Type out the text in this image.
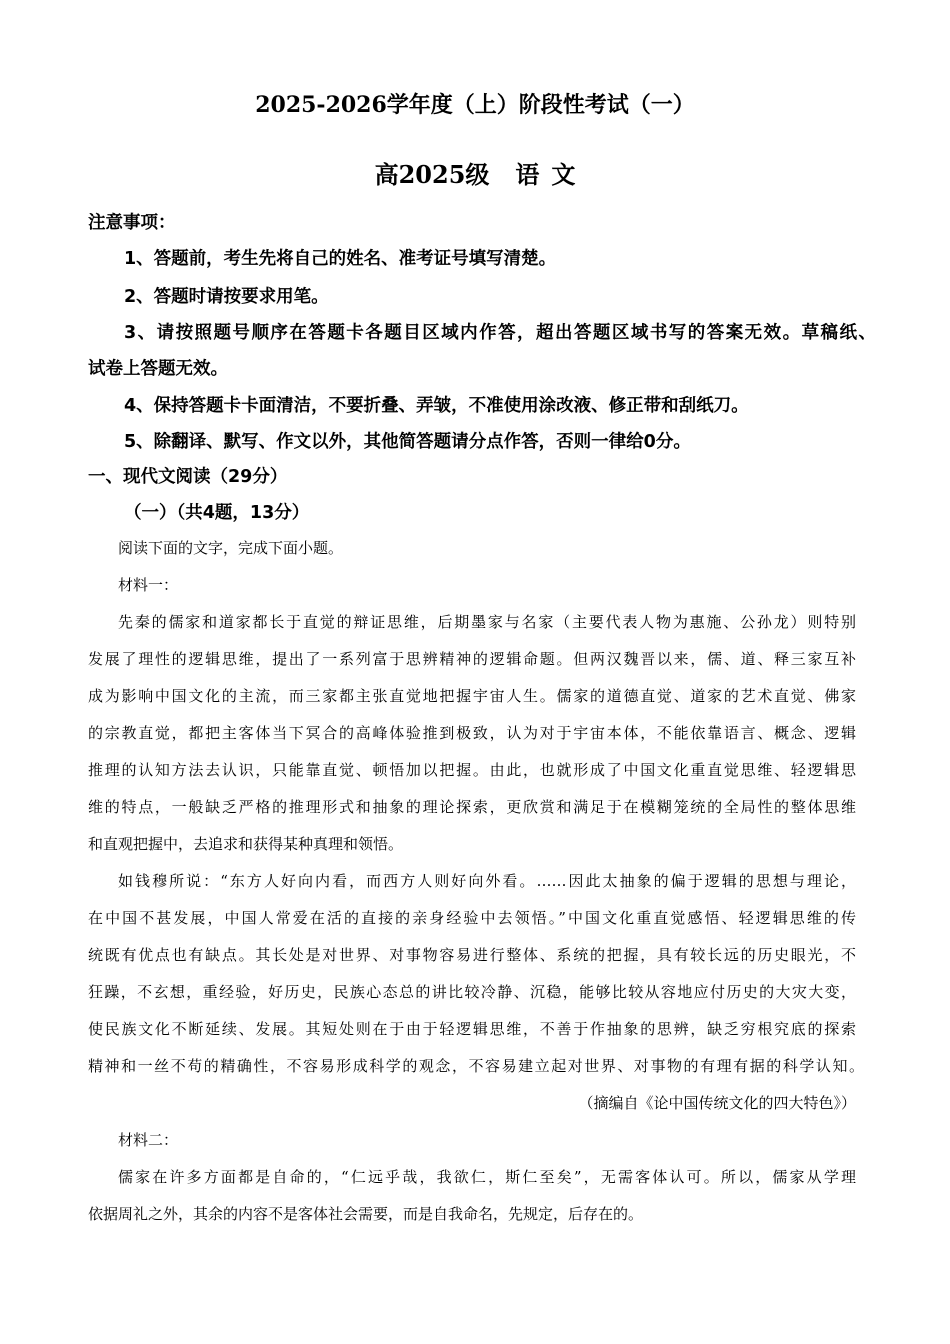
2025-2026学年度（上）阶段性考试（一）
高2025级 语 文

注意事项：

1、答题前，考生先将自己的姓名、准考证号填写清楚。

2、答题时请按要求用笔。

3、请按照题号顺序在答题卡各题目区域内作答，超出答题区域书写的答案无效。草稿纸、

试卷上答题无效。

4、保持答题卡卡面清洁，不要折叠、弄皱，不准使用涂改液、修正带和刮纸刀。

5、除翻译、默写、作文以外，其他简答题请分点作答，否则一律给0分。

一、现代文阅读（29分）

（一）（共4题，13分）

阅读下面的文字，完成下面小题。

材料一：

先秦的儒家和道家都长于直觉的辩证思维，后期墨家与名家（主要代表人物为惠施、公孙龙）则特别

发展了理性的逻辑思维，提出了一系列富于思辨精神的逻辑命题。但两汉魏晋以来，儒、道、释三家互补

成为影响中国文化的主流，而三家都主张直觉地把握宇宙人生。儒家的道德直觉、道家的艺术直觉、佛家

的宗教直觉，都把主客体当下冥合的高峰体验推到极致，认为对于宇宙本体，不能依靠语言、概念、逻辑

推理的认知方法去认识，只能靠直觉、顿悟加以把握。由此，也就形成了中国文化重直觉思维、轻逻辑思

维的特点，一般缺乏严格的推理形式和抽象的理论探索，更欣赏和满足于在模糊笼统的全局性的整体思维

和直观把握中，去追求和获得某种真理和领悟。

如钱穆所说：“东方人好向内看，而西方人则好向外看。……因此太抽象的偏于逻辑的思想与理论，

在中国不甚发展，中国人常爱在活的直接的亲身经验中去领悟。”中国文化重直觉感悟、轻逻辑思维的传

统既有优点也有缺点。其长处是对世界、对事物容易进行整体、系统的把握，具有较长远的历史眼光，不

狂躁，不玄想，重经验，好历史，民族心态总的讲比较冷静、沉稳，能够比较从容地应付历史的大灾大变，

使民族文化不断延续、发展。其短处则在于由于轻逻辑思维，不善于作抽象的思辨，缺乏穷根究底的探索

精神和一丝不苟的精确性，不容易形成科学的观念，不容易建立起对世界、对事物的有理有据的科学认知。

（摘编自《论中国传统文化的四大特色》）

材料二：

儒家在许多方面都是自命的，“仁远乎哉，我欲仁，斯仁至矣”，无需客体认可。所以，儒家从学理

依据周礼之外，其余的内容不是客体社会需要，而是自我命名，先规定，后存在的。
